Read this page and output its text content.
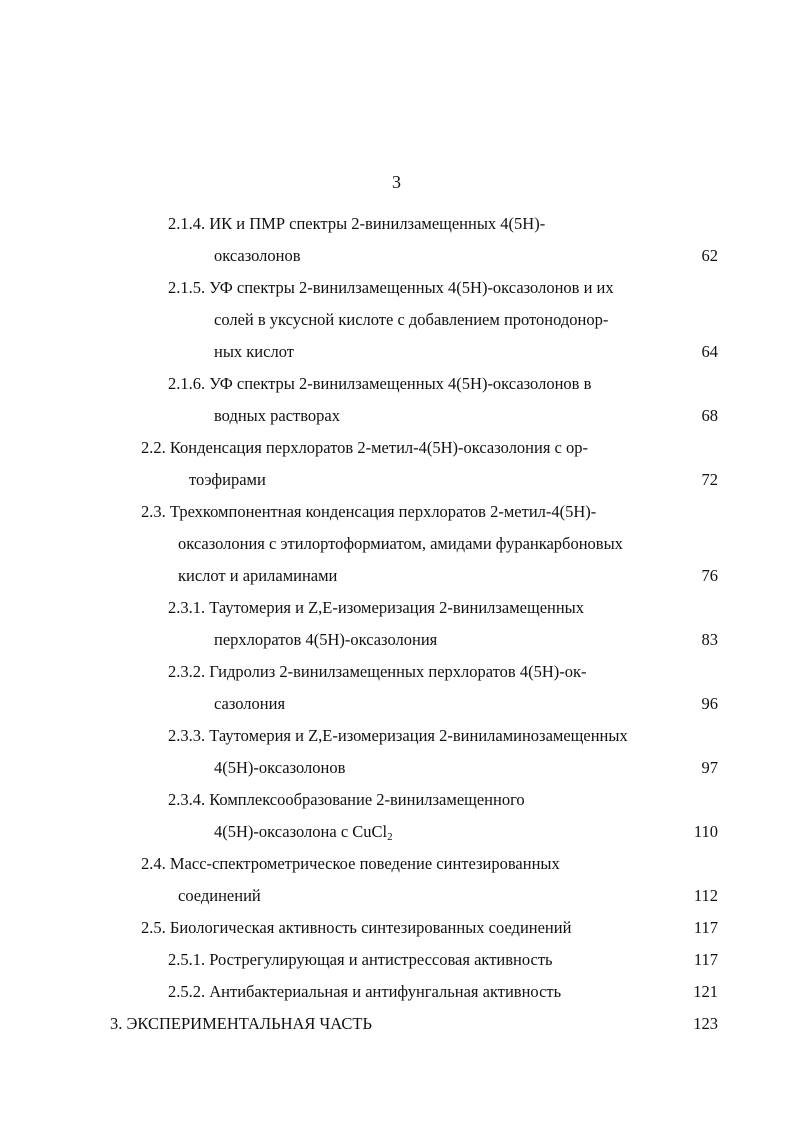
3
2.1.4. ИК и ПМР спектры 2-винилзамещенных 4(5Н)-
оксазолонов	62
2.1.5. УФ спектры 2-винилзамещенных 4(5Н)-оксазолонов и их
солей в уксусной кислоте с добавлением протонодонор-
ных кислот	64
2.1.6. УФ спектры 2-винилзамещенных 4(5Н)-оксазолонов в
водных растворах	68
2.2. Конденсация перхлоратов 2-метил-4(5Н)-оксазолония с ор-
тоэфирами	72
2.3. Трехкомпонентная конденсация перхлоратов 2-метил-4(5Н)-
оксазолония с этилортоформиатом, амидами фуранкарбоновых
кислот и ариламинами	76
2.3.1. Таутомерия и Z,E-изомеризация 2-винилзамещенных
перхлоратов 4(5Н)-оксазолония	83
2.3.2. Гидролиз 2-винилзамещенных перхлоратов 4(5Н)-ок-
сазолония	96
2.3.3. Таутомерия и Z,E-изомеризация 2-виниламинозамещенных
4(5Н)-оксазолонов	97
2.3.4. Комплексообразование 2-винилзамещенного
4(5Н)-оксазолона с CuCl$_2$	110
2.4. Масс-спектрометрическое поведение синтезированных
соединений	112
2.5. Биологическая активность синтезированных соединений	117
2.5.1. Рострегулирующая и антистрессовая активность	117
2.5.2. Антибактериальная и антифунгальная активность	121
3. ЭКСПЕРИМЕНТАЛЬНАЯ ЧАСТЬ	123
